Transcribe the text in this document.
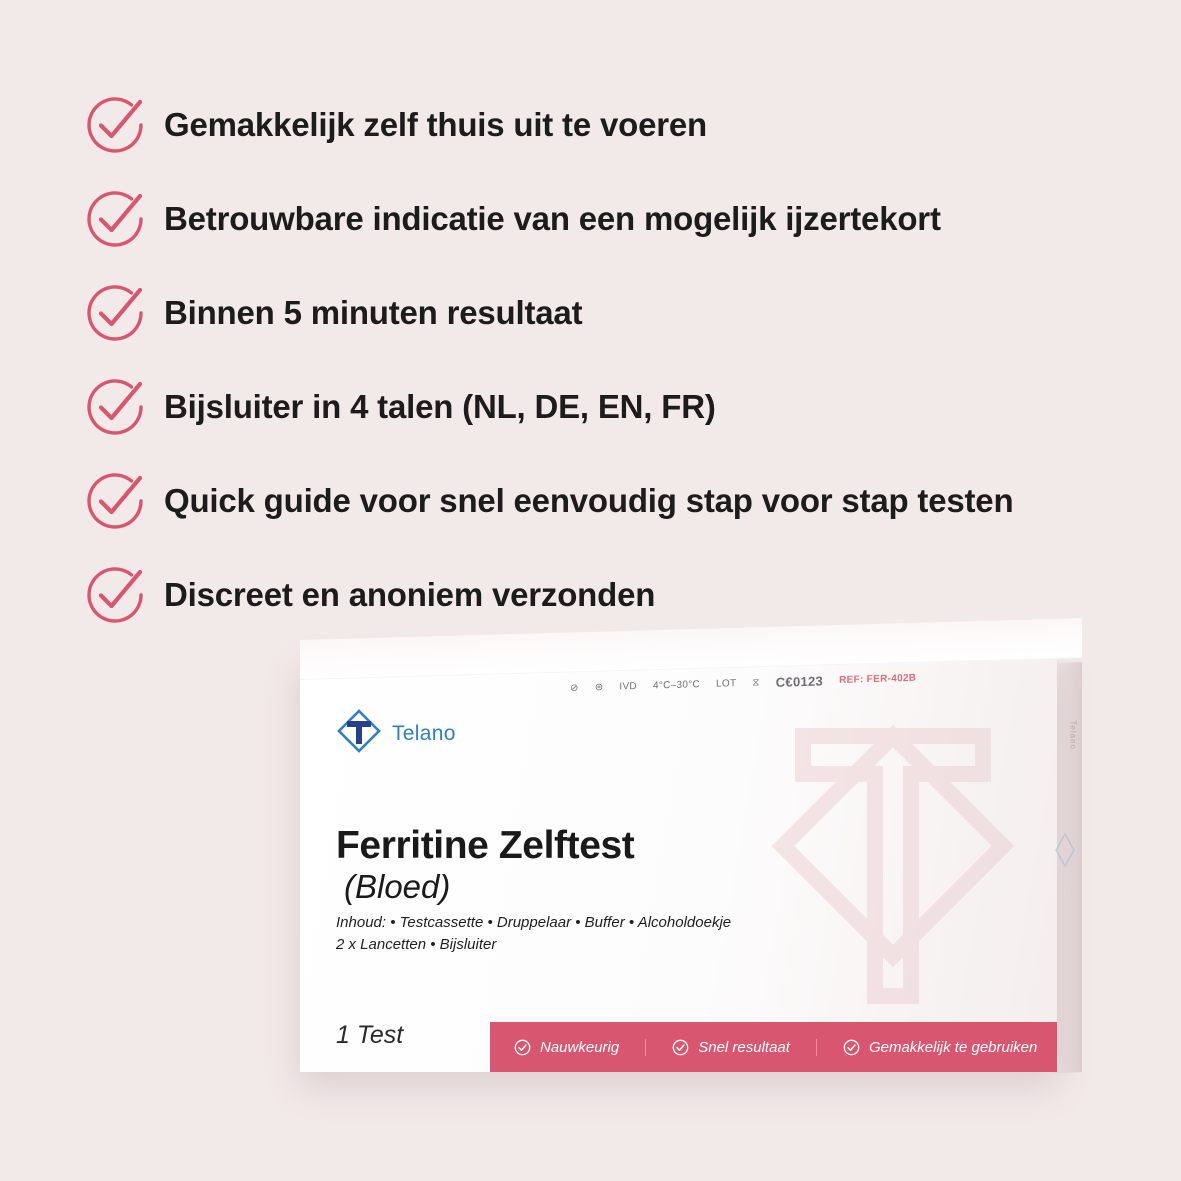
Gemakkelijk zelf thuis uit te voeren
Betrouwbare indicatie van een mogelijk ijzertekort
Binnen 5 minuten resultaat
Bijsluiter in 4 talen (NL, DE, EN, FR)
Quick guide voor snel eenvoudig stap voor stap testen
Discreet en anoniem verzonden
Telano
⊘ ⊜ IVD 4°C–30°C LOT ⧖ C€0123 REF: FER-402B
Ferritine Zelftest
(Bloed)
Inhoud: • Testcassette • Druppelaar • Buffer • Alcoholdoekje
2 x Lancetten • Bijsluiter
1 Test	Nauwkeurig	Snel resultaat	Gemakkelijk te gebruiken
Telano
